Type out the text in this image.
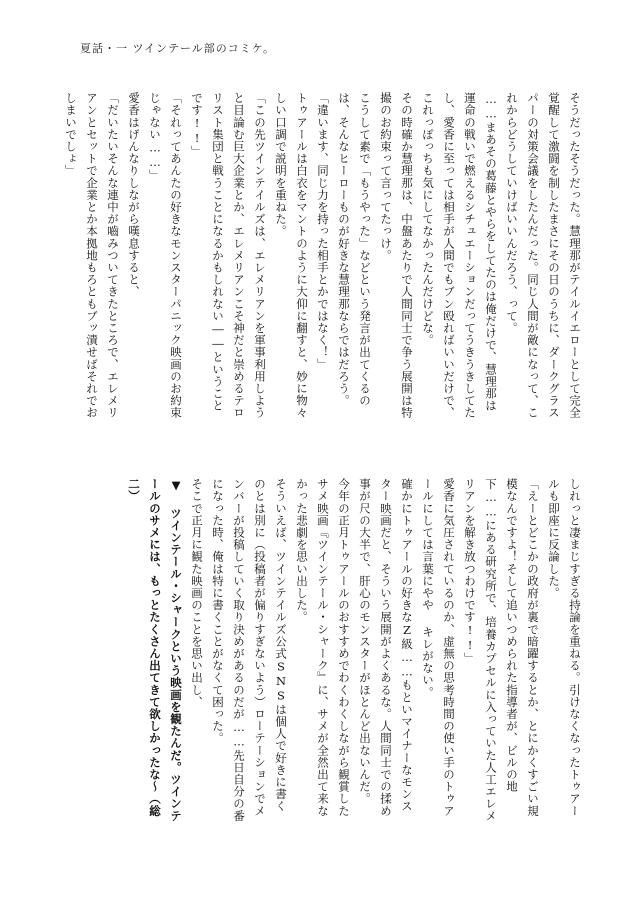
夏話・一 ツインテール部のコミケ。
そうだったそうだった。慧理那がテイルイエローとして完全覚醒して激闘を制したまさにその日のうちに、ダークグラスパーの対策会議をしたんだった。同じ人間が敵になって、これからどうしていけばいいんだろう、って。
……まあその葛藤とやらをしてたのは俺だけで、慧理那は運命の戦いで燃えるシチュエーションだってうきうきしてたし、愛香に至っては相手が人間でもブン殴ればいいだけで、これっぽっちも気にしてなかったんだけどな。
その時確か慧理那は、中盤あたりで人間同士で争う展開は特撮のお約束って言ってたっけ。
こうして素で「もうやった」などという発言が出てくるのは、そんなヒーローものが好きな慧理那ならではだろう。
「違います、同じ力を持った相手とかではなく！」
トゥアールは白衣をマントのように大仰に翻すと、妙に物々しい口調で説明を重ねた。
「この先ツインテイルズは、エレメリアンを軍事利用しようと目論む巨大企業とか、エレメリアンこそ神だと崇めるテロリスト集団と戦うことになるかもしれない――ということです!!」
「それってあんたの好きなモンスターパニック映画のお約束じゃない……」
愛香はげんなりしながら嘆息すると、
「だいたいそんな連中が嚙みついてきたところで、エレメリアンとセットで企業とか本拠地もろともブッ潰せばそれでおしまいでしょ」
しれっと凄まじすぎる持論を重ねる。引けなくなったトゥアールも即座に反論した。
「えーとどこかの政府が裏で暗躍するとか、とにかくすごい規模なんですよ！そして追いつめられた指導者が、ビルの地下……にある研究所で、培養カプセルに入っていた人工エレメリアンを解き放つわけです!!」
愛香に気圧されているのか、虚無の思考時間の使い手のトゥアールにしては言葉にやや キレがない。
確かにトゥアールの好きなZ級……もといマイナーなモンスター映画だと、そういう展開がよくあるな。人間同士での揉め事が尺の大半で、肝心のモンスターがほとんど出ないんだ。
今年の正月トゥアールのおすすめでわくわくしながら観賞したサメ映画『ツインテール・シャーク』に、サメが全然出て来なかった悲劇を思い出した。
そういえば、ツインテイルズ公式SNSは個人で好きに書くのとは別に（投稿者が偏りすぎないよう）ローテーションでメンバーが投稿していく取り決めがあるのだが……先日自分の番になった時、俺は特に書くことがなくて困った。
そこで正月に観た映画のことを思い出し、
▼ ツインテール・シャークという映画を観たんだ。ツインテールのサメには、もっとたくさん出てきて欲しかったな～（総二）
